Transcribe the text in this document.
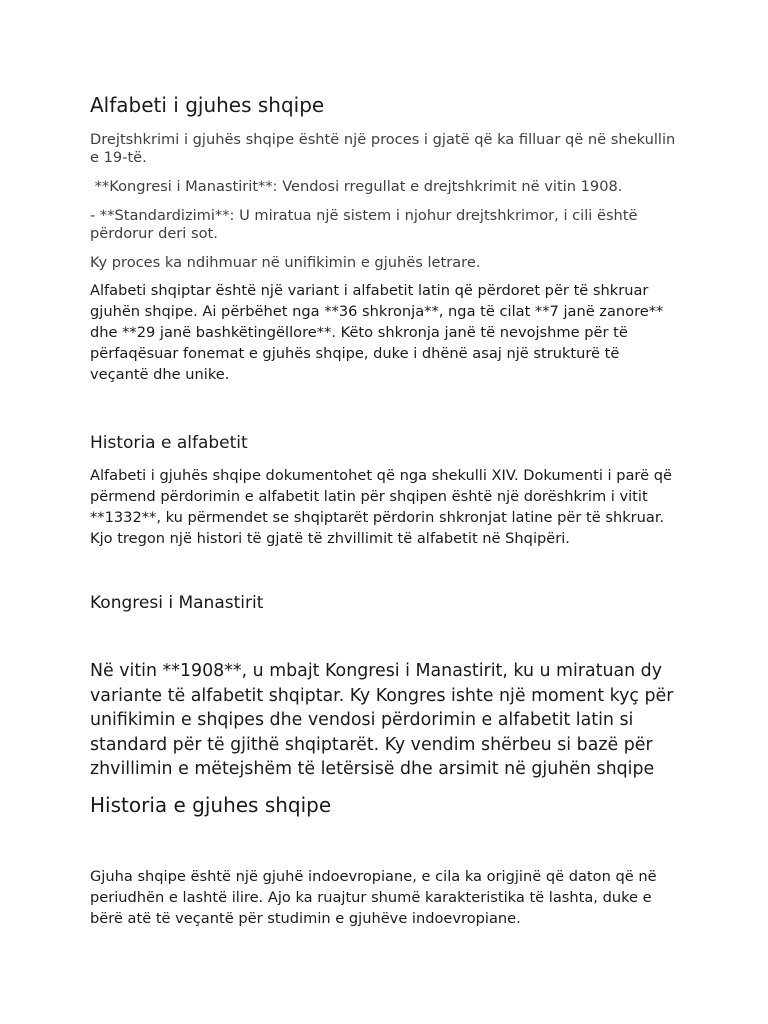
Alfabeti i gjuhes shqipe

Drejtshkrimi i gjuhës shqipe është një proces i gjatë që ka filluar që në shekullin e 19-të.

**Kongresi i Manastirit**: Vendosi rregullat e drejtshkrimit në vitin 1908.

- **Standardizimi**: U miratua një sistem i njohur drejtshkrimor, i cili është përdorur deri sot.

Ky proces ka ndihmuar në unifikimin e gjuhës letrare.

Alfabeti shqiptar është një variant i alfabetit latin që përdoret për të shkruar gjuhën shqipe. Ai përbëhet nga **36 shkronja**, nga të cilat **7 janë zanore** dhe **29 janë bashkëtingëllore**. Këto shkronja janë të nevojshme për të përfaqësuar fonemat e gjuhës shqipe, duke i dhënë asaj një strukturë të veçantë dhe unike.

Historia e alfabetit

Alfabeti i gjuhës shqipe dokumentohet që nga shekulli XIV. Dokumenti i parë që përmend përdorimin e alfabetit latin për shqipen është një dorëshkrim i vitit **1332**, ku përmendet se shqiptarët përdorin shkronjat latine për të shkruar. Kjo tregon një histori të gjatë të zhvillimit të alfabetit në Shqipëri.

Kongresi i Manastirit

Në vitin **1908**, u mbajt Kongresi i Manastirit, ku u miratuan dy variante të alfabetit shqiptar. Ky Kongres ishte një moment kyç për unifikimin e shqipes dhe vendosi përdorimin e alfabetit latin si standard për të gjithë shqiptarët. Ky vendim shërbeu si bazë për zhvillimin e mëtejshëm të letërsisë dhe arsimit në gjuhën shqipe

Historia e gjuhes shqipe

Gjuha shqipe është një gjuhë indoevropiane, e cila ka origjinë që daton që në periudhën e lashtë ilire. Ajo ka ruajtur shumë karakteristika të lashta, duke e bërë atë të veçantë për studimin e gjuhëve indoevropiane.
